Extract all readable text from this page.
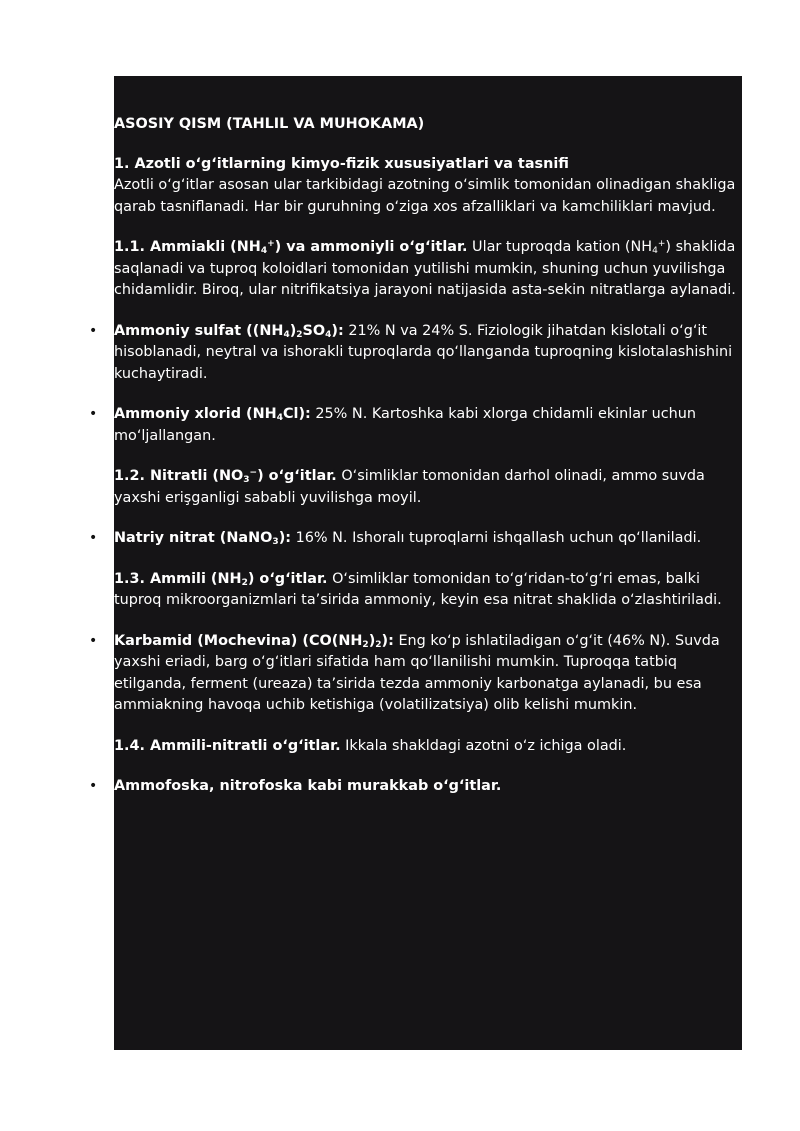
ASOSIY QISM (TAHLIL VA MUHOKAMA)

1. Azotli o‘g‘itlarning kimyo-fizik xususiyatlari va tasnifi
Azotli o‘g‘itlar asosan ular tarkibidagi azotning o‘simlik tomonidan olinadigan shakliga qarab tasniflanadi. Har bir guruhning o‘ziga xos afzalliklari va kamchiliklari mavjud.

1.1. Ammiakli $(NH_4^+)$ va ammoniyli o‘g‘itlar. Ular tuproqda kation $(NH_4^+)$ shaklida saqlanadi va tuproq koloidlari tomonidan yutilishi mumkin, shuning uchun yuvilishga chidamlidir. Biroq, ular nitrifikatsiya jarayoni natijasida asta-sekin nitratlarga aylanadi.

• Ammoniy sulfat $((NH_4)_2SO_4)$: 21% N va 24% S. Fiziologik jihatdan kislotali o‘g‘it hisoblanadi, neytral va ishorakli tuproqlarda qo‘llanganda tuproqning kislotalashishini kuchaytiradi.

• Ammoniy xlorid $(NH_4Cl)$: 25% N. Kartoshka kabi xlorga chidamli ekinlar uchun mo‘ljallangan.

1.2. Nitratli $(NO_3^-)$ o‘g‘itlar. O‘simliklar tomonidan darhol olinadi, ammo suvda yaxshi erişganligi sababli yuvilishga moyil.

• Natriy nitrat (NaNO$_3$): 16% N. Ishoralı tuproqlarni ishqallash uchun qo‘llaniladi.

1.3. Ammili $(NH_2)$ o‘g‘itlar. O‘simliklar tomonidan to‘g‘ridan-to‘g‘ri emas, balki tuproq mikroorganizmlari ta’sirida ammoniy, keyin esa nitrat shaklida o‘zlashtiriladi.

• Karbamid (Mochevina) $(CO(NH_2)_2)$: Eng ko‘p ishlatiladigan o‘g‘it (46% N). Suvda yaxshi eriadi, barg o‘g‘itlari sifatida ham qo‘llanilishi mumkin. Tuproqqa tatbiq etilganda, ferment (ureaza) ta’sirida tezda ammoniy karbonatga aylanadi, bu esa ammiakning havoqa uchib ketishiga (volatilizatsiya) olib kelishi mumkin.

1.4. Ammili-nitratli o‘g‘itlar. Ikkala shakldagi azotni o‘z ichiga oladi.

• Ammofoska, nitrofoska kabi murakkab o‘g‘itlar.
